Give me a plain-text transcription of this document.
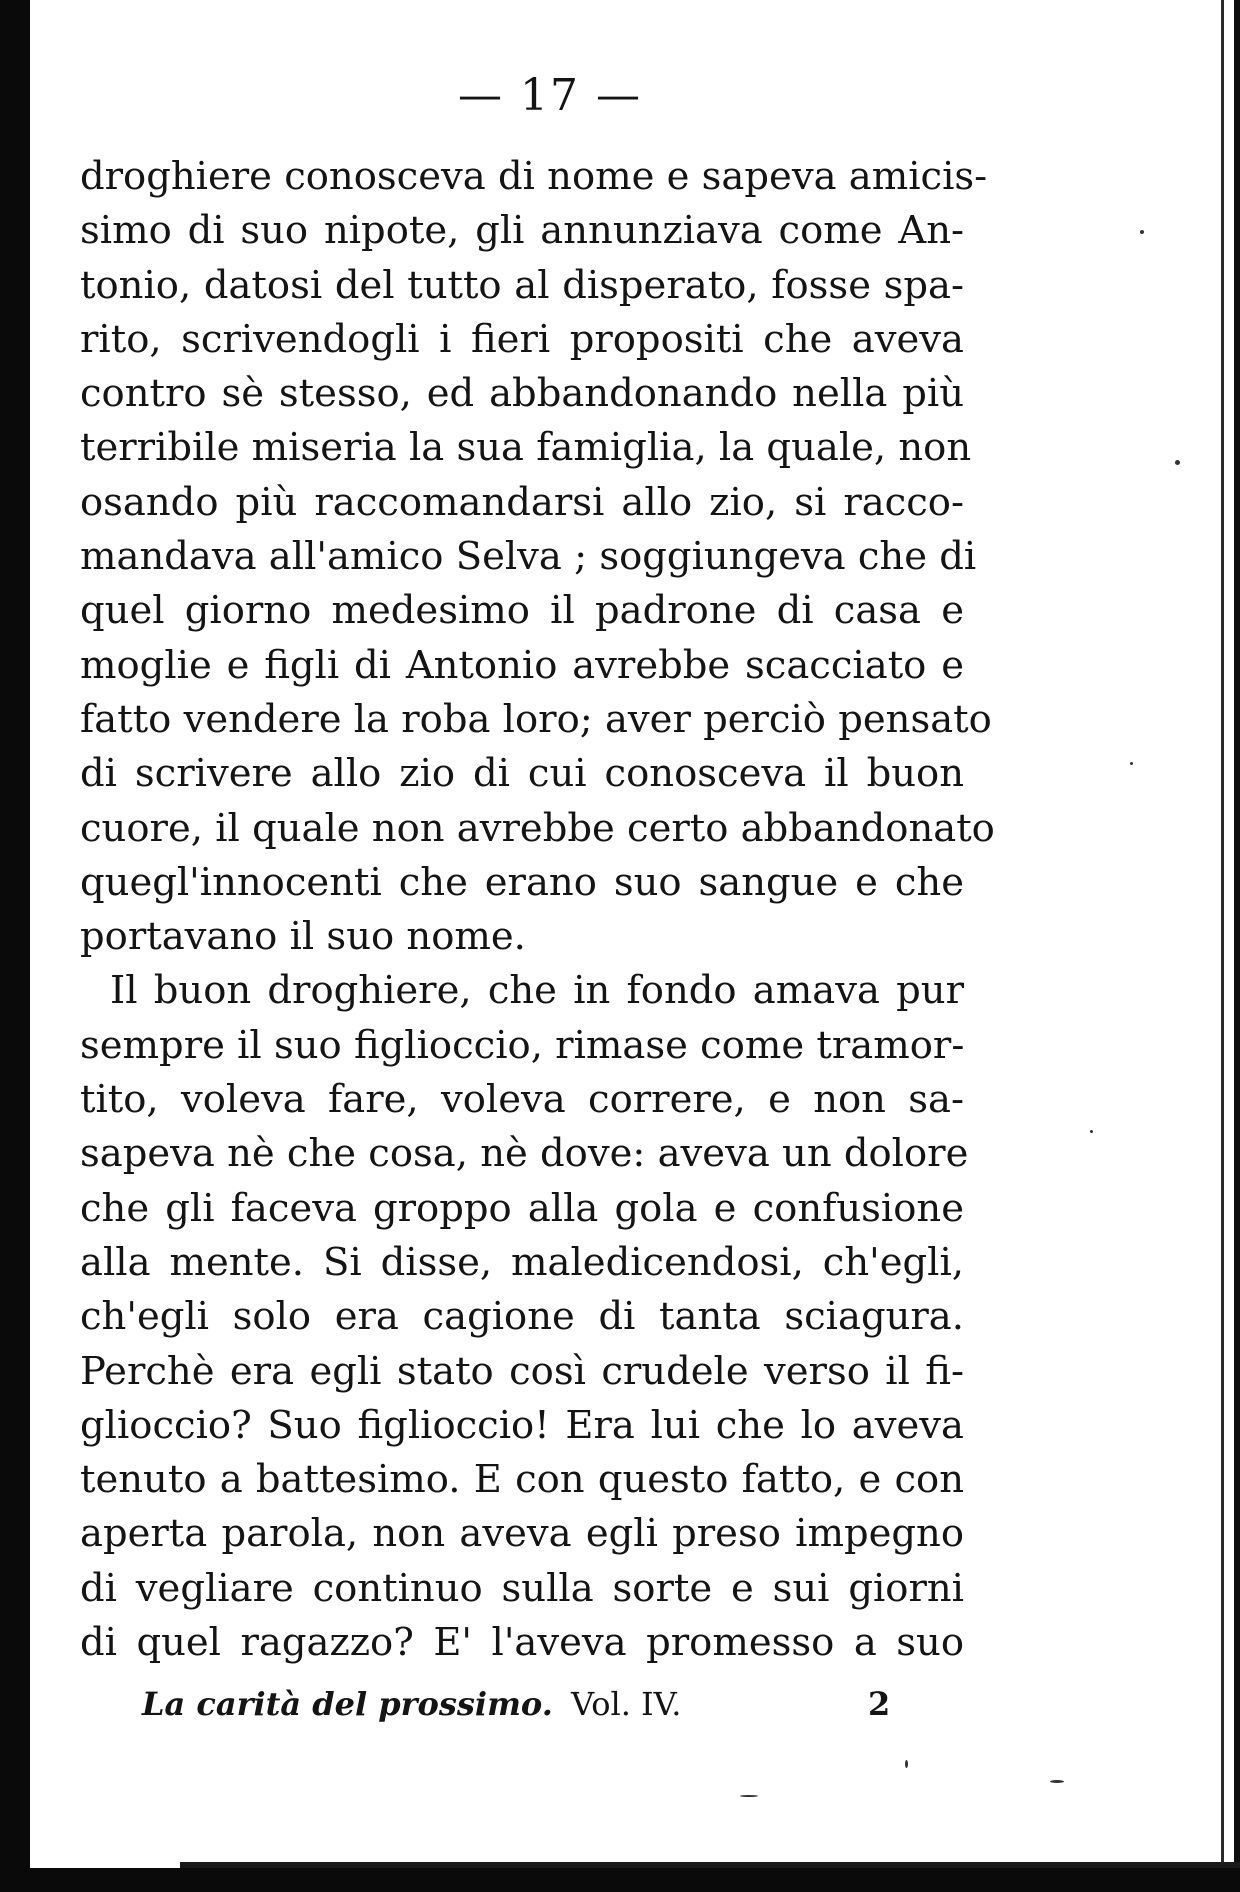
— 17 —
droghiere conosceva di nome e sapeva amicis-
simo di suo nipote, gli annunziava come An-
tonio, datosi del tutto al disperato, fosse spa-
rito, scrivendogli i fieri propositi che aveva
contro sè stesso, ed abbandonando nella più
terribile miseria la sua famiglia, la quale, non
osando più raccomandarsi allo zio, si racco-
mandava all'amico Selva ; soggiungeva che di
quel giorno medesimo il padrone di casa e
moglie e figli di Antonio avrebbe scacciato e
fatto vendere la roba loro; aver perciò pensato
di scrivere allo zio di cui conosceva il buon
cuore, il quale non avrebbe certo abbandonato
quegl'innocenti che erano suo sangue e che
portavano il suo nome.
Il buon droghiere, che in fondo amava pur
sempre il suo figlioccio, rimase come tramor-
tito, voleva fare, voleva correre, e non sa-
sapeva nè che cosa, nè dove: aveva un dolore
che gli faceva groppo alla gola e confusione
alla mente. Si disse, maledicendosi, ch'egli,
ch'egli solo era cagione di tanta sciagura.
Perchè era egli stato così crudele verso il fi-
glioccio? Suo figlioccio! Era lui che lo aveva
tenuto a battesimo. E con questo fatto, e con
aperta parola, non aveva egli preso impegno
di vegliare continuo sulla sorte e sui giorni
di quel ragazzo? E' l'aveva promesso a suo
La carità del prossimo. Vol. IV.	2
